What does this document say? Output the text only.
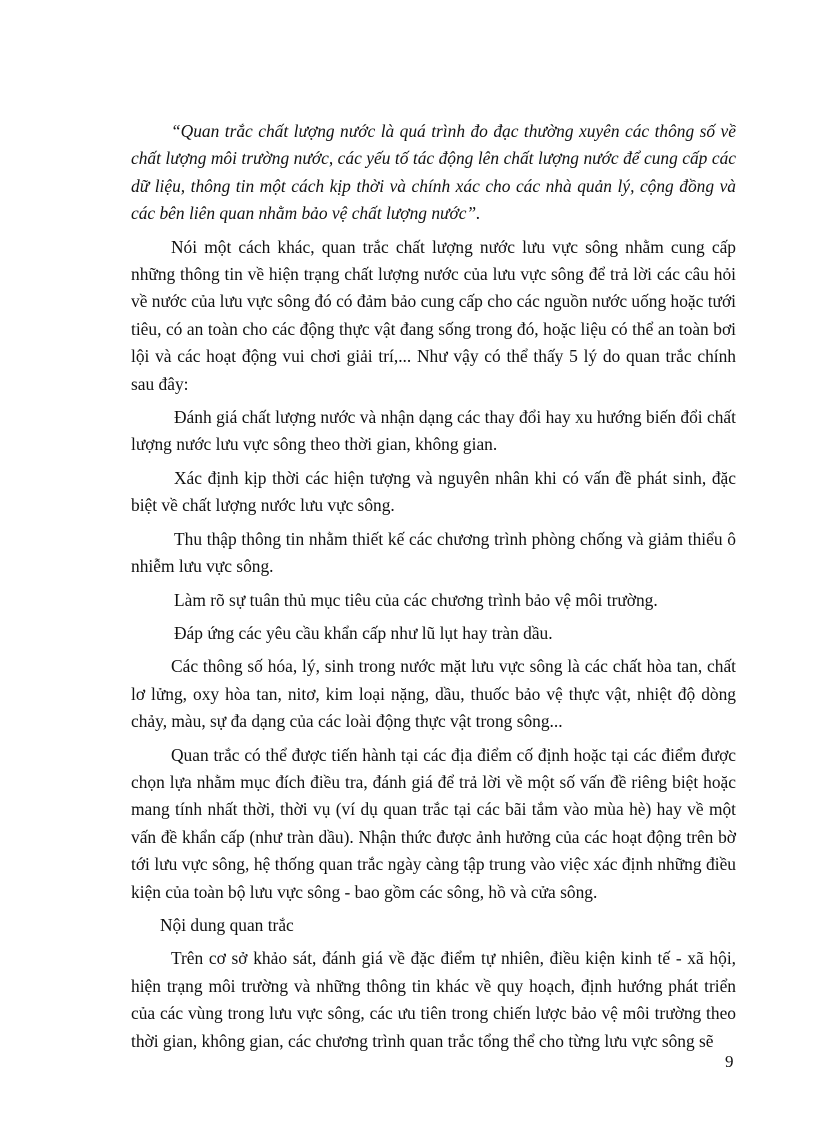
“Quan trắc chất lượng nước là quá trình đo đạc thường xuyên các thông số về chất lượng môi trường nước, các yếu tố tác động lên chất lượng nước để cung cấp các dữ liệu, thông tin một cách kịp thời và chính xác cho các nhà quản lý, cộng đồng và các bên liên quan nhằm bảo vệ chất lượng nước”.

Nói một cách khác, quan trắc chất lượng nước lưu vực sông nhằm cung cấp những thông tin về hiện trạng chất lượng nước của lưu vực sông để trả lời các câu hỏi về nước của lưu vực sông đó có đảm bảo cung cấp cho các nguồn nước uống hoặc tưới tiêu, có an toàn cho các động thực vật đang sống trong đó, hoặc liệu có thể an toàn bơi lội và các hoạt động vui chơi giải trí,... Như vậy có thể thấy 5 lý do quan trắc chính sau đây:

Đánh giá chất lượng nước và nhận dạng các thay đổi hay xu hướng biến đổi chất lượng nước lưu vực sông theo thời gian, không gian.

Xác định kịp thời các hiện tượng và nguyên nhân khi có vấn đề phát sinh, đặc biệt về chất lượng nước lưu vực sông.

Thu thập thông tin nhằm thiết kế các chương trình phòng chống và giảm thiểu ô nhiễm lưu vực sông.

Làm rõ sự tuân thủ mục tiêu của các chương trình bảo vệ môi trường.

Đáp ứng các yêu cầu khẩn cấp như lũ lụt hay tràn dầu.

Các thông số hóa, lý, sinh trong nước mặt lưu vực sông là các chất hòa tan, chất lơ lửng, oxy hòa tan, nitơ, kim loại nặng, dầu, thuốc bảo vệ thực vật, nhiệt độ dòng chảy, màu, sự đa dạng của các loài động thực vật trong sông...

Quan trắc có thể được tiến hành tại các địa điểm cố định hoặc tại các điểm được chọn lựa nhằm mục đích điều tra, đánh giá để trả lời về một số vấn đề riêng biệt hoặc mang tính nhất thời, thời vụ (ví dụ quan trắc tại các bãi tắm vào mùa hè) hay về một vấn đề khẩn cấp (như tràn dầu). Nhận thức được ảnh hưởng của các hoạt động trên bờ tới lưu vực sông, hệ thống quan trắc ngày càng tập trung vào việc xác định những điều kiện của toàn bộ lưu vực sông - bao gồm các sông, hồ và cửa sông.

Nội dung quan trắc

Trên cơ sở khảo sát, đánh giá về đặc điểm tự nhiên, điều kiện kinh tế - xã hội, hiện trạng môi trường và những thông tin khác về quy hoạch, định hướng phát triển của các vùng trong lưu vực sông, các ưu tiên trong chiến lược bảo vệ môi trường theo thời gian, không gian, các chương trình quan trắc tổng thể cho từng lưu vực sông sẽ

9
